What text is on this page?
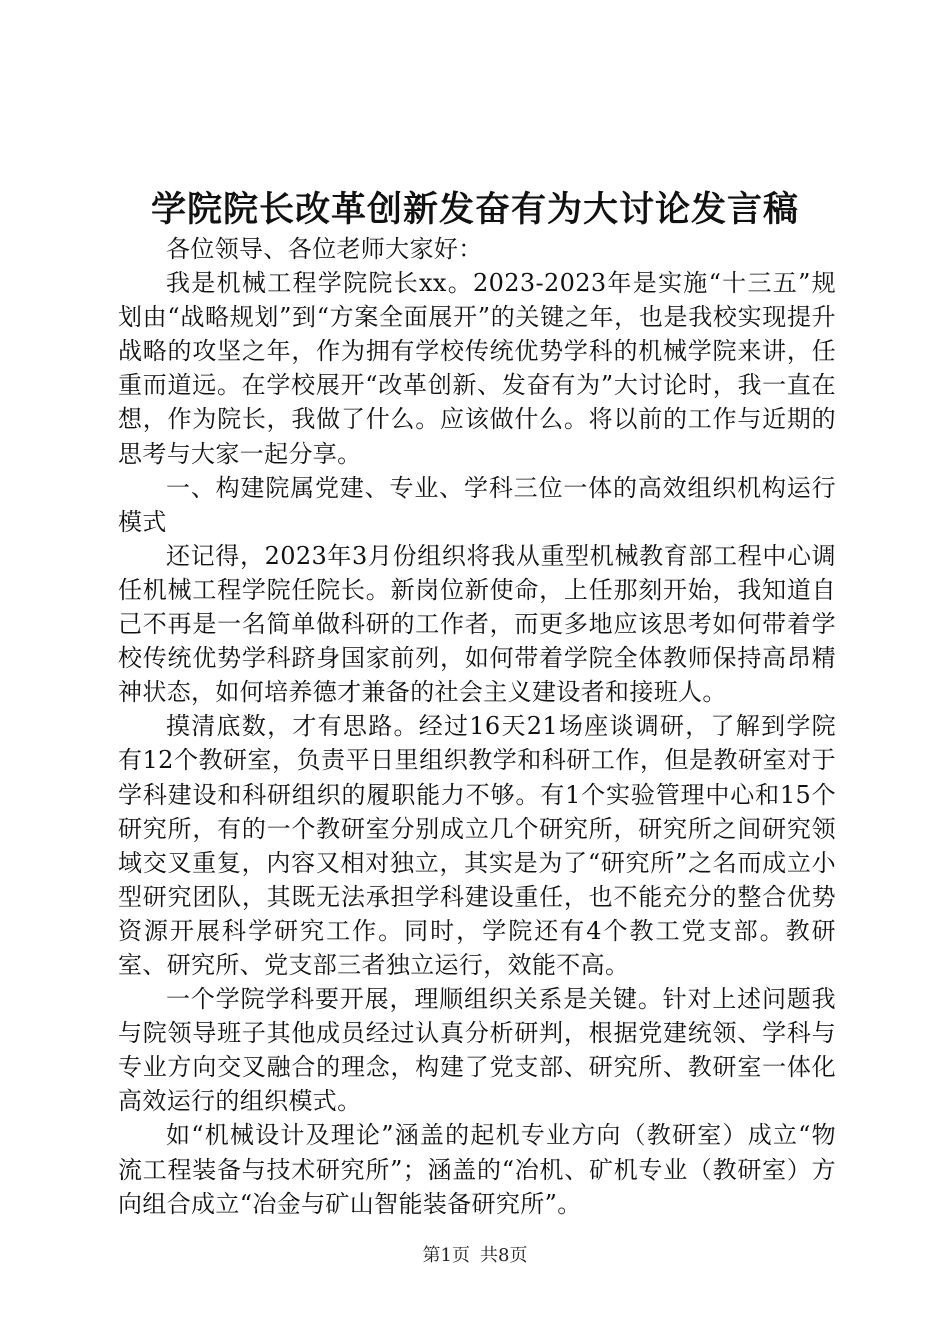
学院院长改革创新发奋有为大讨论发言稿

各位领导、各位老师大家好：

我是机械工程学院院长xx。2023-2023年是实施“十三五”规划由“战略规划”到“方案全面展开”的关键之年，也是我校实现提升战略的攻坚之年，作为拥有学校传统优势学科的机械学院来讲，任重而道远。在学校展开“改革创新、发奋有为”大讨论时，我一直在想，作为院长，我做了什么。应该做什么。将以前的工作与近期的思考与大家一起分享。

一、构建院属党建、专业、学科三位一体的高效组织机构运行模式

还记得，2023年3月份组织将我从重型机械教育部工程中心调任机械工程学院任院长。新岗位新使命，上任那刻开始，我知道自己不再是一名简单做科研的工作者，而更多地应该思考如何带着学校传统优势学科跻身国家前列，如何带着学院全体教师保持高昂精神状态，如何培养德才兼备的社会主义建设者和接班人。

摸清底数，才有思路。经过16天21场座谈调研，了解到学院有12个教研室，负责平日里组织教学和科研工作，但是教研室对于学科建设和科研组织的履职能力不够。有1个实验管理中心和15个研究所，有的一个教研室分别成立几个研究所，研究所之间研究领域交叉重复，内容又相对独立，其实是为了“研究所”之名而成立小型研究团队，其既无法承担学科建设重任，也不能充分的整合优势资源开展科学研究工作。同时，学院还有4个教工党支部。教研室、研究所、党支部三者独立运行，效能不高。

一个学院学科要开展，理顺组织关系是关键。针对上述问题我与院领导班子其他成员经过认真分析研判，根据党建统领、学科与专业方向交叉融合的理念，构建了党支部、研究所、教研室一体化高效运行的组织模式。

如“机械设计及理论”涵盖的起机专业方向（教研室）成立“物流工程装备与技术研究所”；涵盖的“冶机、矿机专业（教研室）方向组合成立“冶金与矿山智能装备研究所”。

第1页 共8页
